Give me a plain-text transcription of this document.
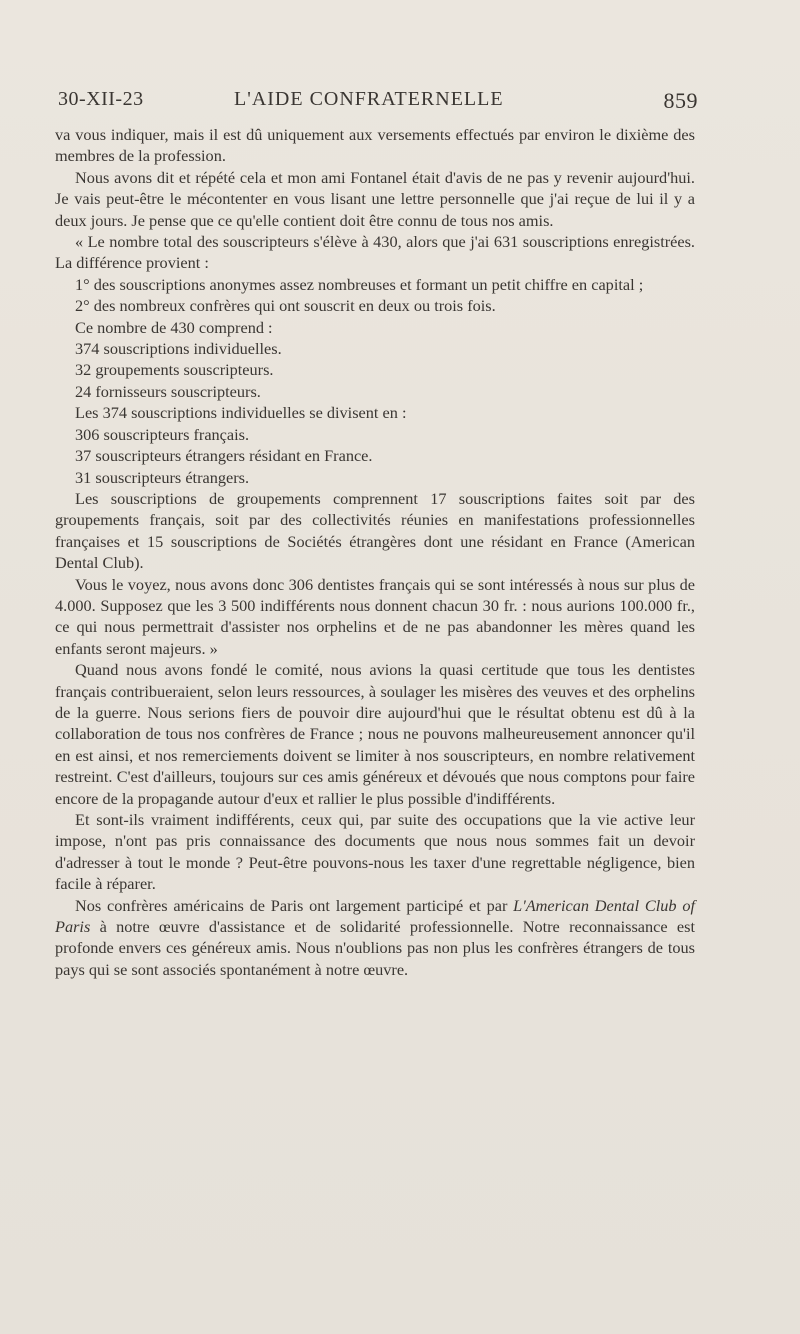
30-XII-23	L'AIDE CONFRATERNELLE	859

va vous indiquer, mais il est dû uniquement aux versements effectués par environ le dixième des membres de la profession.

Nous avons dit et répété cela et mon ami Fontanel était d'avis de ne pas y revenir aujourd'hui. Je vais peut-être le mécontenter en vous lisant une lettre personnelle que j'ai reçue de lui il y a deux jours. Je pense que ce qu'elle contient doit être connu de tous nos amis.

« Le nombre total des souscripteurs s'élève à 430, alors que j'ai 631 souscriptions enregistrées. La différence provient :

1° des souscriptions anonymes assez nombreuses et formant un petit chiffre en capital ;

2° des nombreux confrères qui ont souscrit en deux ou trois fois.

Ce nombre de 430 comprend :

374 souscriptions individuelles.

32 groupements souscripteurs.

24 fornisseurs souscripteurs.

Les 374 souscriptions individuelles se divisent en :

306 souscripteurs français.

37 souscripteurs étrangers résidant en France.

31 souscripteurs étrangers.

Les souscriptions de groupements comprennent 17 souscriptions faites soit par des groupements français, soit par des collectivités réunies en manifestations professionnelles françaises et 15 souscriptions de Sociétés étrangères dont une résidant en France (American Dental Club).

Vous le voyez, nous avons donc 306 dentistes français qui se sont intéressés à nous sur plus de 4.000. Supposez que les 3 500 indifférents nous donnent chacun 30 fr. : nous aurions 100.000 fr., ce qui nous permettrait d'assister nos orphelins et de ne pas abandonner les mères quand les enfants seront majeurs. »

Quand nous avons fondé le comité, nous avions la quasi certitude que tous les dentistes français contribueraient, selon leurs ressources, à soulager les misères des veuves et des orphelins de la guerre. Nous serions fiers de pouvoir dire aujourd'hui que le résultat obtenu est dû à la collaboration de tous nos confrères de France ; nous ne pouvons malheureusement annoncer qu'il en est ainsi, et nos remerciements doivent se limiter à nos souscripteurs, en nombre relativement restreint. C'est d'ailleurs, toujours sur ces amis généreux et dévoués que nous comptons pour faire encore de la propagande autour d'eux et rallier le plus possible d'indifférents.

Et sont-ils vraiment indifférents, ceux qui, par suite des occupations que la vie active leur impose, n'ont pas pris connaissance des documents que nous nous sommes fait un devoir d'adresser à tout le monde ? Peut-être pouvons-nous les taxer d'une regrettable négligence, bien facile à réparer.

Nos confrères américains de Paris ont largement participé et par L'American Dental Club of Paris à notre œuvre d'assistance et de solidarité professionnelle. Notre reconnaissance est profonde envers ces généreux amis. Nous n'oublions pas non plus les confrères étrangers de tous pays qui se sont associés spontanément à notre œuvre.
